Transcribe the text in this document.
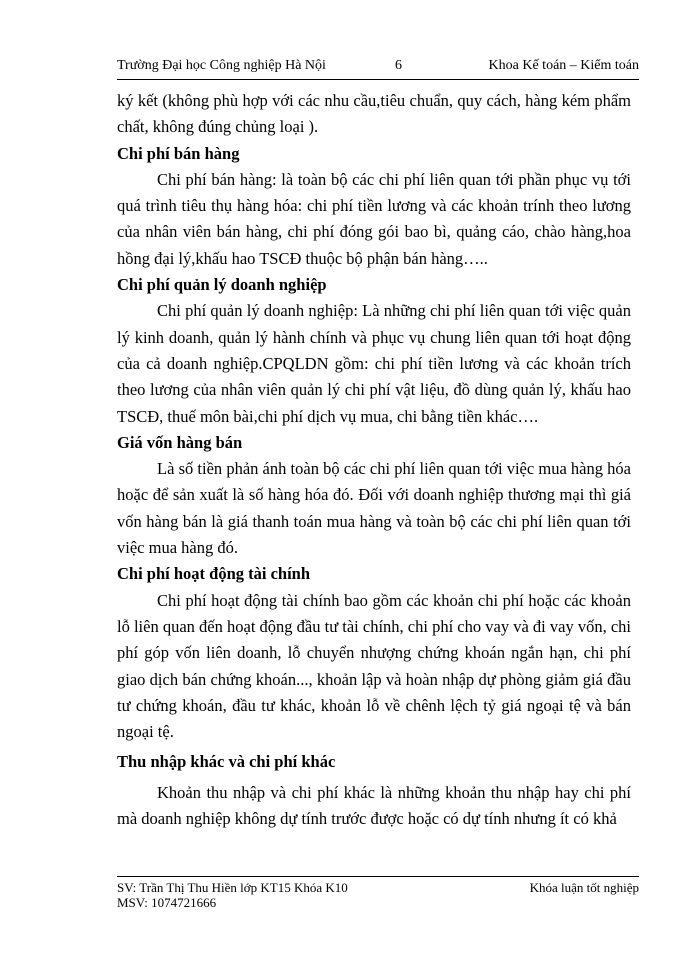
Trường Đại học Công nghiệp Hà Nội	6	Khoa Kế toán – Kiểm toán

ký kết (không phù hợp với các nhu cầu,tiêu chuẩn, quy cách, hàng kém phẩm chất, không đúng chủng loại ).

Chi phí bán hàng

Chi phí bán hàng: là toàn bộ các chi phí liên quan tới phần phục vụ tới quá trình tiêu thụ hàng hóa: chi phí tiền lương và các khoản trính theo lương của nhân viên bán hàng, chi phí đóng gói bao bì, quảng cáo, chào hàng,hoa hồng đại lý,khấu hao TSCĐ thuộc bộ phận bán hàng…..

Chi phí quản lý doanh nghiệp

Chi phí quản lý doanh nghiệp: Là những chi phí liên quan tới việc quản lý kinh doanh, quản lý hành chính và phục vụ chung liên quan tới hoạt động của cả doanh nghiệp.CPQLDN gồm: chi phí tiền lương và các khoản trích theo lương của nhân viên quản lý chi phí vật liệu, đồ dùng quản lý, khấu hao TSCĐ, thuế môn bài,chi phí dịch vụ mua, chi bằng tiền khác….

Giá vốn hàng bán

Là số tiền phản ánh toàn bộ các chi phí liên quan tới việc mua hàng hóa hoặc để sản xuất là số hàng hóa đó. Đối với doanh nghiệp thương mại thì giá vốn hàng bán là giá thanh toán mua hàng và toàn bộ các chi phí liên quan tới việc mua hàng đó.

Chi phí hoạt động tài chính

Chi phí hoạt động tài chính bao gồm các khoản chi phí hoặc các khoản lỗ liên quan đến hoạt động đầu tư tài chính, chi phí cho vay và đi vay vốn, chi phí góp vốn liên doanh, lỗ chuyển nhượng chứng khoán ngắn hạn, chi phí giao dịch bán chứng khoán..., khoản lập và hoàn nhập dự phòng giảm giá đầu tư chứng khoán, đầu tư khác, khoản lỗ về chênh lệch tỷ giá ngoại tệ và bán ngoại tệ.

Thu nhập khác và chi phí khác

Khoản thu nhập và chi phí khác là những khoản thu nhập hay chi phí mà doanh nghiệp không dự tính trước được hoặc có dự tính nhưng ít có khả

SV: Trần Thị Thu Hiền lớp KT15 Khóa K10
MSV: 1074721666
Khóa luận tốt nghiệp
